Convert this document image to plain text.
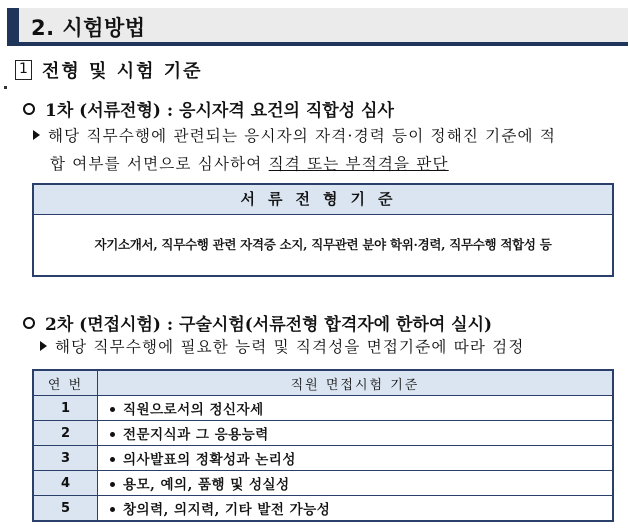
2. 시험방법
1 전형 및 시험 기준
1차 (서류전형) : 응시자격 요건의 직합성 심사
해당 직무수행에 관련되는 응시자의 자격·경력 등이 정해진 기준에 적
합 여부를 서면으로 심사하여 직격 또는 부적격을 판단
서류전형기준
자기소개서, 직무수행 관련 자격증 소지, 직무관련 분야 학위·경력, 직무수행 적합성 등
2차 (면접시험) : 구술시험(서류전형 합격자에 한하여 실시)
해당 직무수행에 필요한 능력 및 직격성을 면접기준에 따라 검정
연 번	직원 면접시험 기준
1	직원으로서의 정신자세
2	전문지식과 그 응용능력
3	의사발표의 정확성과 논리성
4	용모, 예의, 품행 및 성실성
5	창의력, 의지력, 기타 발전 가능성
